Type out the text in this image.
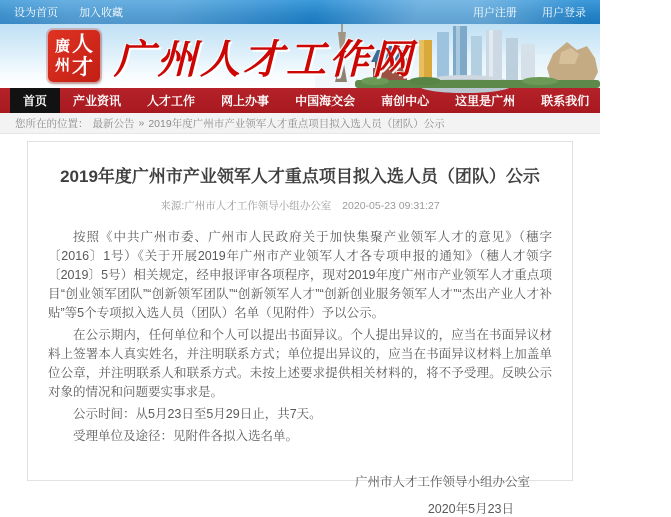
设为首页 加入收藏	用户注册 用户登录
廣
州
人
才 广州人才工作网
首页	产业资讯	人才工作	网上办事	中国海交会	南创中心	这里是广州	联系我们	English
您所在的位置： 最新公告 » 2019年度广州市产业领军人才重点项目拟入选人员（团队）公示
2019年度广州市产业领军人才重点项目拟入选人员（团队）公示
来源:广州市人才工作领导小组办公室 2020-05-23 09:31:27

按照《中共广州市委、广州市人民政府关于加快集聚产业领军人才的意见》（穗字〔2016〕1号）《关于开展2019年广州市产业领军人才各专项申报的通知》（穗人才领字〔2019〕5号）相关规定，经申报评审各项程序，现对2019年度广州市产业领军人才重点项目“创业领军团队”“创新领军团队”“创新领军人才”“创新创业服务领军人才”“杰出产业人才补贴”等5个专项拟入选人员（团队）名单（见附件）予以公示。

在公示期内，任何单位和个人可以提出书面异议。个人提出异议的，应当在书面异议材料上签署本人真实姓名，并注明联系方式；单位提出异议的，应当在书面异议材料上加盖单位公章，并注明联系人和联系方式。未按上述要求提供相关材料的，将不予受理。反映公示对象的情况和问题要实事求是。

公示时间：从5月23日至5月29日止，共7天。

受理单位及途径：见附件各拟入选名单。

广州市人才工作领导小组办公室
2020年5月23日
